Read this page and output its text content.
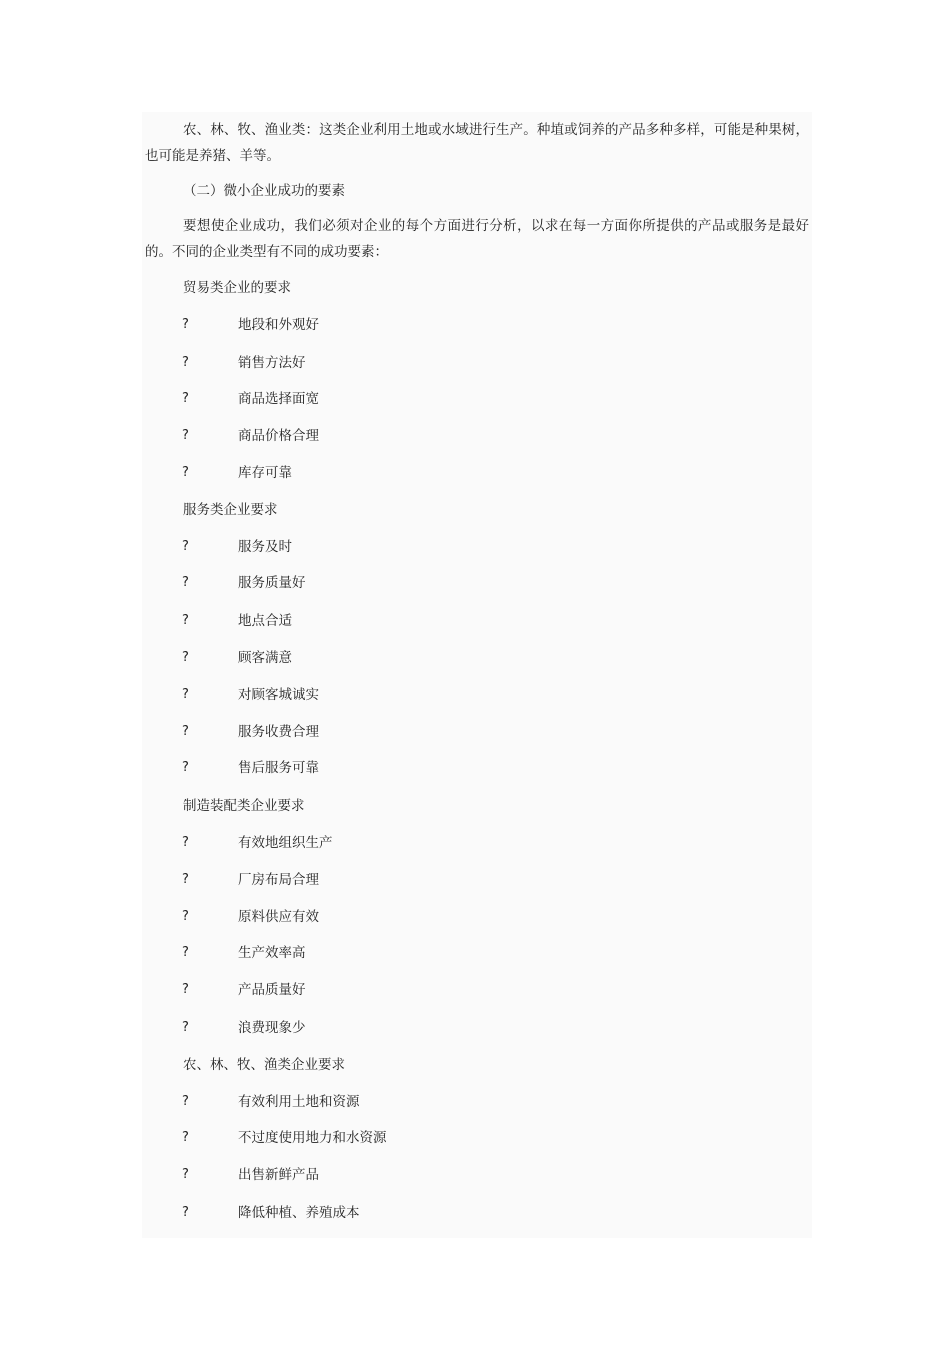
农、林、牧、渔业类：这类企业利用土地或水域进行生产。种埴或饲养的产品多种多样，可能是种果树，也可能是养猪、羊等。

（二）微小企业成功的要素

要想使企业成功，我们必须对企业的每个方面进行分析，以求在每一方面你所提供的产品或服务是最好的。不同的企业类型有不同的成功要素：

贸易类企业的要求
?	地段和外观好
?	销售方法好
?	商品选择面宽
?	商品价格合理
?	库存可靠
服务类企业要求
?	服务及时
?	服务质量好
?	地点合适
?	顾客满意
?	对顾客城诚实
?	服务收费合理
?	售后服务可靠
制造装配类企业要求
?	有效地组织生产
?	厂房布局合理
?	原料供应有效
?	生产效率高
?	产品质量好
?	浪费现象少
农、林、牧、渔类企业要求
?	有效利用土地和资源
?	不过度使用地力和水资源
?	出售新鲜产品
?	降低种植、养殖成本
